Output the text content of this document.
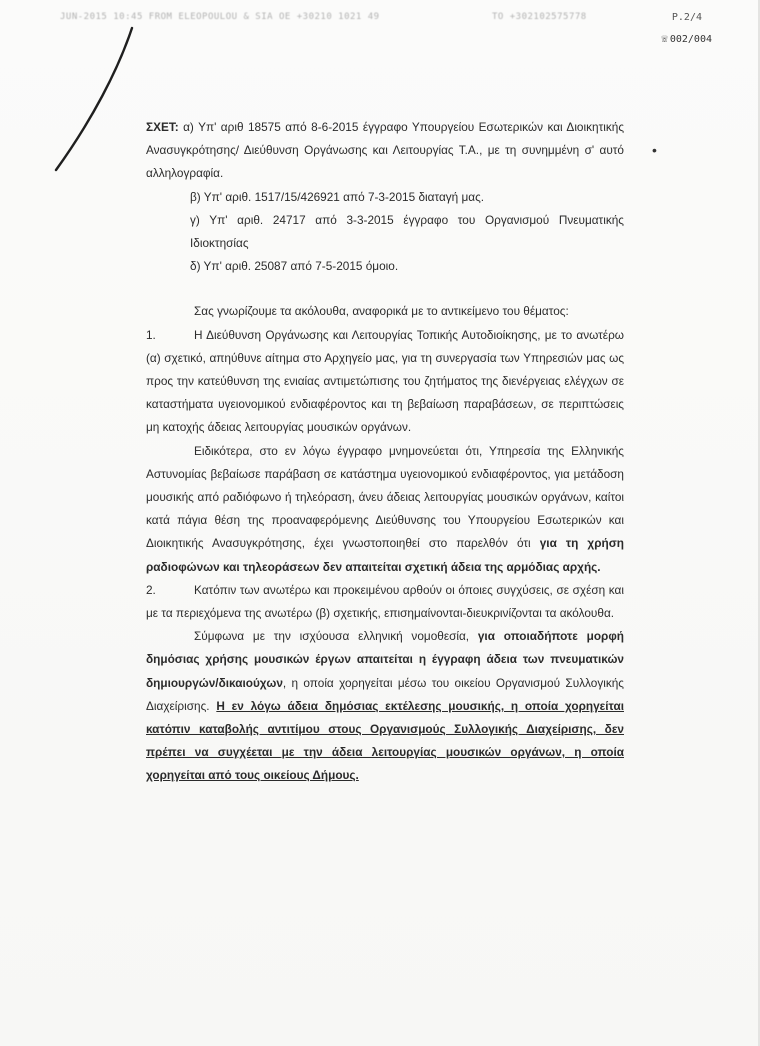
JUN-2015 10:45 FROM ELEOPOULOU & SIA OE +30210 1021 49	TO +302102575778	P.2/4
☏ 002/004
•

ΣΧΕΤ: α) Υπ' αριθ 18575 από 8-6-2015 έγγραφο Υπουργείου Εσωτερικών και Διοικητικής Ανασυγκρότησης/ Διεύθυνση Οργάνωσης και Λειτουργίας Τ.Α., με τη συνημμένη σ' αυτό αλληλογραφία.

β) Υπ' αριθ. 1517/15/426921 από 7-3-2015 διαταγή μας.

γ) Υπ' αριθ. 24717 από 3-3-2015 έγγραφο του Οργανισμού Πνευματικής Ιδιοκτησίας

δ) Υπ' αριθ. 25087 από 7-5-2015 όμοιο.

Σας γνωρίζουμε τα ακόλουθα, αναφορικά με το αντικείμενο του θέματος:

1.	Η Διεύθυνση Οργάνωσης και Λειτουργίας Τοπικής Αυτοδιοίκησης, με το ανωτέρω (α) σχετικό, απηύθυνε αίτημα στο Αρχηγείο μας, για τη συνεργασία των Υπηρεσιών μας ως προς την κατεύθυνση της ενιαίας αντιμετώπισης του ζητήματος της διενέργειας ελέγχων σε καταστήματα υγειονομικού ενδιαφέροντος και τη βεβαίωση παραβάσεων, σε περιπτώσεις μη κατοχής άδειας λειτουργίας μουσικών οργάνων.

Ειδικότερα, στο εν λόγω έγγραφο μνημονεύεται ότι, Υπηρεσία της Ελληνικής Αστυνομίας βεβαίωσε παράβαση σε κατάστημα υγειονομικού ενδιαφέροντος, για μετάδοση μουσικής από ραδιόφωνο ή τηλεόραση, άνευ άδειας λειτουργίας μουσικών οργάνων, καίτοι κατά πάγια θέση της προαναφερόμενης Διεύθυνσης του Υπουργείου Εσωτερικών και Διοικητικής Ανασυγκρότησης, έχει γνωστοποιηθεί στο παρελθόν ότι για τη χρήση ραδιοφώνων και τηλεοράσεων δεν απαιτείται σχετική άδεια της αρμόδιας αρχής.

2.	Κατόπιν των ανωτέρω και προκειμένου αρθούν οι όποιες συγχύσεις, σε σχέση και με τα περιεχόμενα της ανωτέρω (β) σχετικής, επισημαίνονται-διευκρινίζονται τα ακόλουθα.

Σύμφωνα με την ισχύουσα ελληνική νομοθεσία, για οποιαδήποτε μορφή δημόσιας χρήσης μουσικών έργων απαιτείται η έγγραφη άδεια των πνευματικών δημιουργών/δικαιούχων, η οποία χορηγείται μέσω του οικείου Οργανισμού Συλλογικής Διαχείρισης. Η εν λόγω άδεια δημόσιας εκτέλεσης μουσικής, η οποία χορηγείται κατόπιν καταβολής αντιτίμου στους Οργανισμούς Συλλογικής Διαχείρισης, δεν πρέπει να συγχέεται με την άδεια λειτουργίας μουσικών οργάνων, η οποία χορηγείται από τους οικείους Δήμους.
